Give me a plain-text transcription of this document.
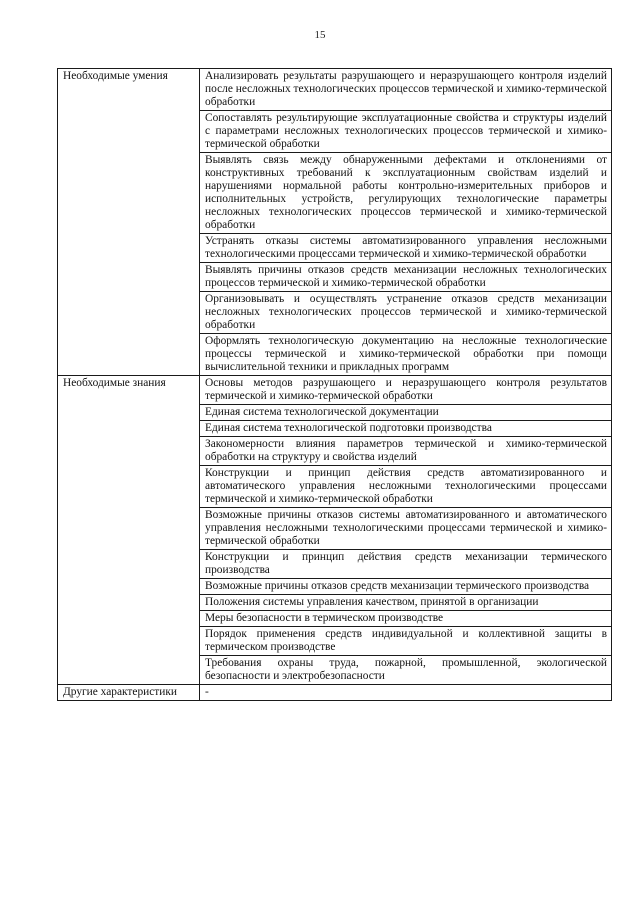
15
Необходимые умения	Анализировать результаты разрушающего и неразрушающего контроля изделий после несложных технологических процессов термической и химико-термической обработки
	Сопоставлять результирующие эксплуатационные свойства и структуры изделий с параметрами несложных технологических процессов термической и химико-термической обработки
	Выявлять связь между обнаруженными дефектами и отклонениями от конструктивных требований к эксплуатационным свойствам изделий и нарушениями нормальной работы контрольно-измерительных приборов и исполнительных устройств, регулирующих технологические параметры несложных технологических процессов термической и химико-термической обработки
	Устранять отказы системы автоматизированного управления несложными технологическими процессами термической и химико-термической обработки
	Выявлять причины отказов средств механизации несложных технологических процессов термической и химико-термической обработки
	Организовывать и осуществлять устранение отказов средств механизации несложных технологических процессов термической и химико-термической обработки
	Оформлять технологическую документацию на несложные технологические процессы термической и химико-термической обработки при помощи вычислительной техники и прикладных программ
Необходимые знания	Основы методов разрушающего и неразрушающего контроля результатов термической и химико-термической обработки
	Единая система технологической документации
	Единая система технологической подготовки производства
	Закономерности влияния параметров термической и химико-термической обработки на структуру и свойства изделий
	Конструкции и принцип действия средств автоматизированного и автоматического управления несложными технологическими процессами термической и химико-термической обработки
	Возможные причины отказов системы автоматизированного и автоматического управления несложными технологическими процессами термической и химико-термической обработки
	Конструкции и принцип действия средств механизации термического производства
	Возможные причины отказов средств механизации термического производства
	Положения системы управления качеством, принятой в организации
	Меры безопасности в термическом производстве
	Порядок применения средств индивидуальной и коллективной защиты в термическом производстве
	Требования охраны труда, пожарной, промышленной, экологической безопасности и электробезопасности
Другие характеристики	-
